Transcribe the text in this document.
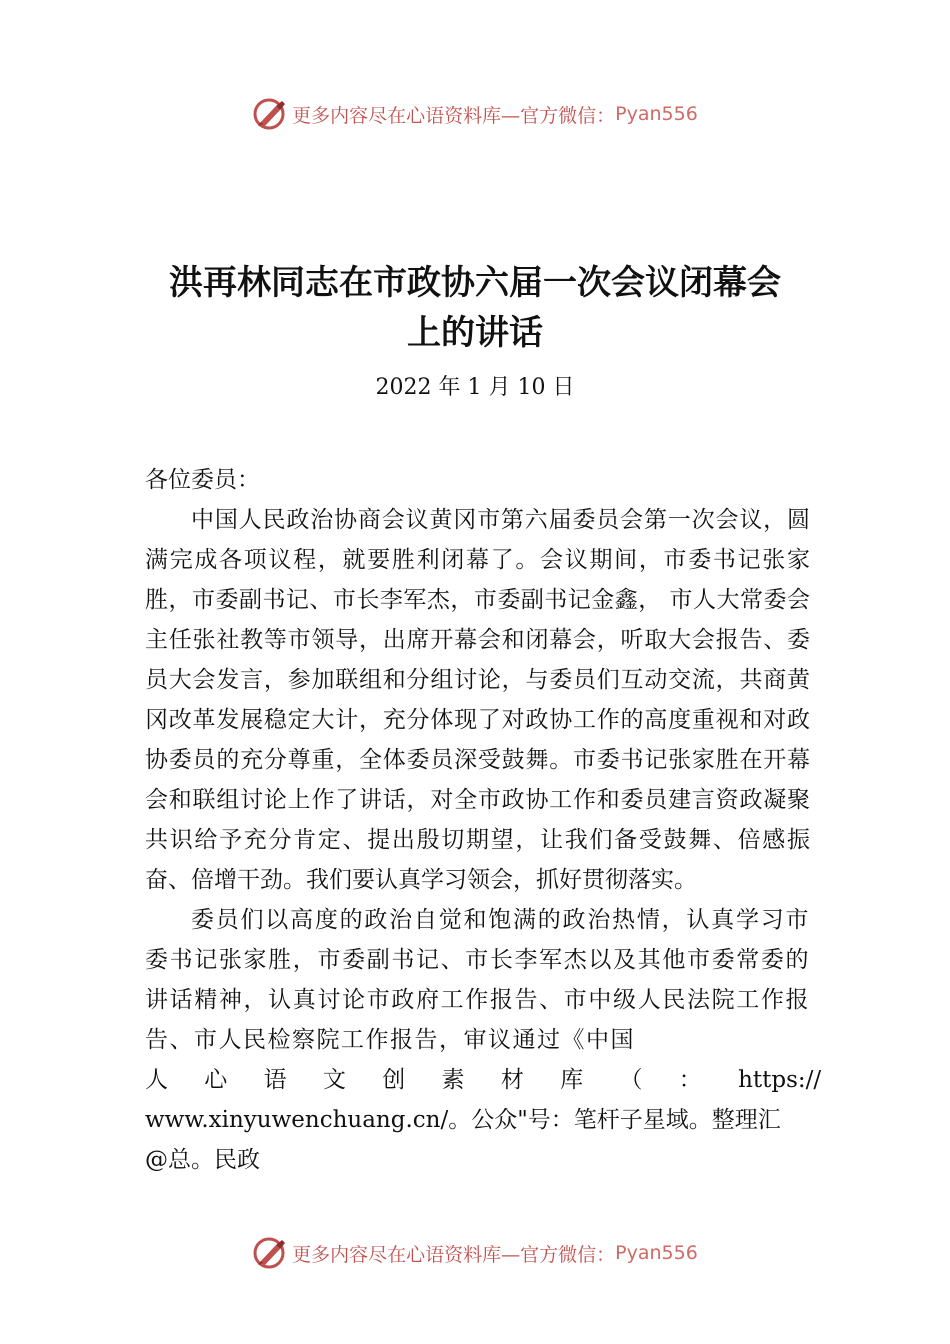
更多内容尽在心语资料库—官方微信： Pyan556
洪再林同志在市政协六届一次会议闭幕会
上的讲话
2022 年 1 月 10 日

各位委员：

中国人民政治协商会议黄冈市第六届委员会第一次会议，圆满完成各项议程，就要胜利闭幕了。会议期间，市委书记张家胜，市委副书记、市长李军杰，市委副书记金鑫， 市人大常委会主任张社教等市领导，出席开幕会和闭幕会，听取大会报告、委员大会发言，参加联组和分组讨论，与委员们互动交流，共商黄冈改革发展稳定大计，充分体现了对政协工作的高度重视和对政协委员的充分尊重，全体委员深受鼓舞。市委书记张家胜在开幕会和联组讨论上作了讲话，对全市政协工作和委员建言资政凝聚共识给予充分肯定、提出殷切期望，让我们备受鼓舞、倍感振奋、倍增干劲。我们要认真学习领会，抓好贯彻落实。

委员们以高度的政治自觉和饱满的政治热情，认真学习市委书记张家胜，市委副书记、市长李军杰以及其他市委常委的讲话精神，认真讨论市政府工作报告、市中级人民法院工作报告、市人民检察院工作报告，审议通过《中国

人 心 语 文 创 素 材 库 （ ： https://

www.xinyuwenchuang.cn/。公众"号：笔杆子星域。整理汇

@总。民政

更多内容尽在心语资料库—官方微信： Pyan556
